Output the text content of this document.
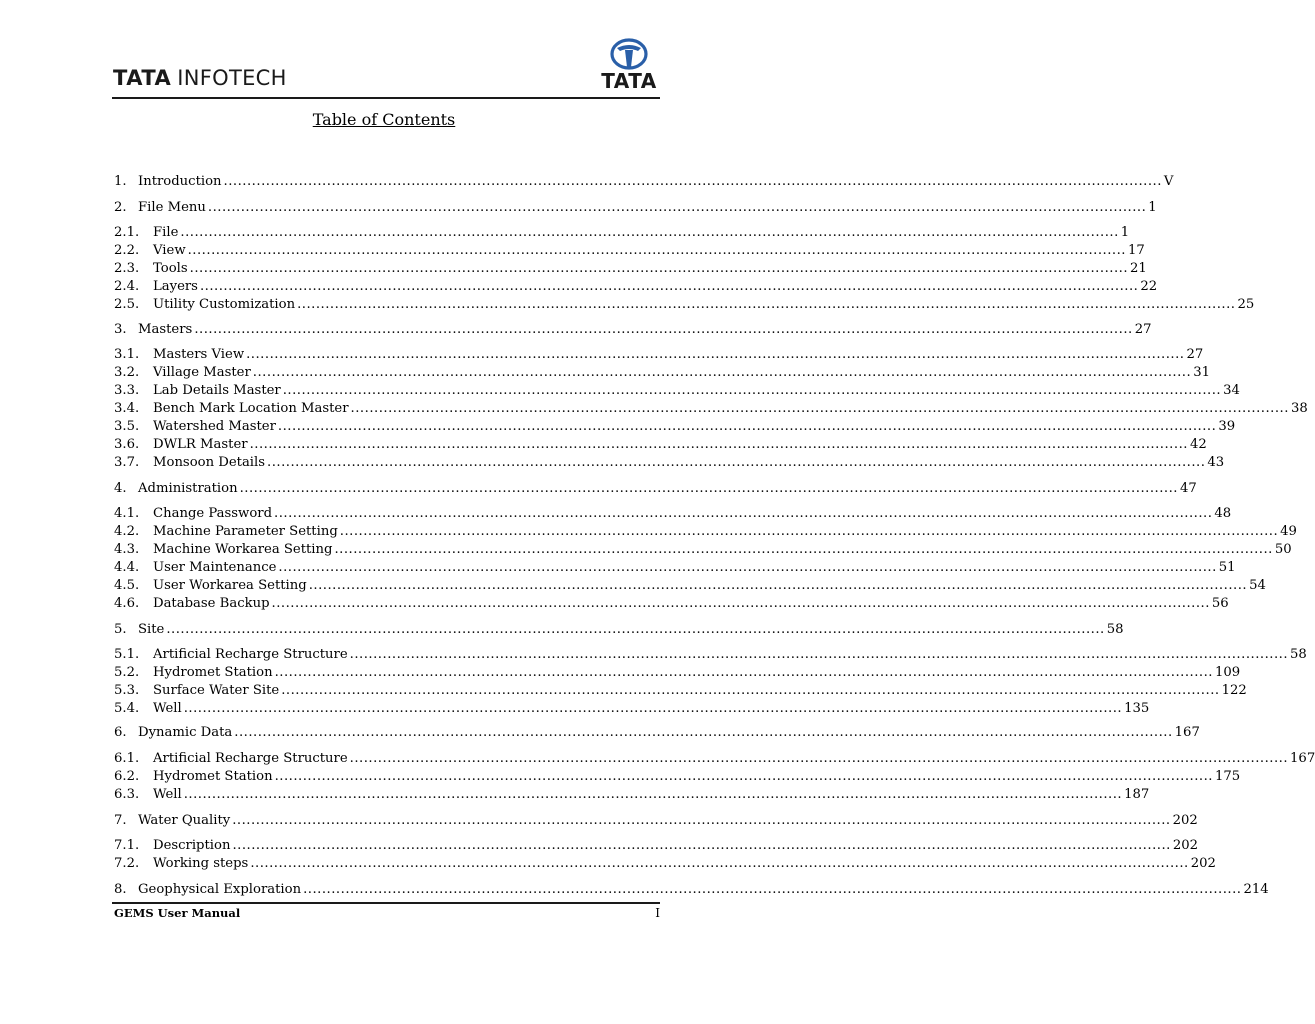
TATA INFOTECH	TATA
Table of Contents
1. Introduction ........................................................................................................................................................................................................ V
2. File Menu ........................................................................................................................................................................................................ 1
2.1.	File ........................................................................................................................................................................................................ 1
2.2.	View ........................................................................................................................................................................................................ 17
2.3.	Tools ........................................................................................................................................................................................................ 21
2.4.	Layers ........................................................................................................................................................................................................ 22
2.5.	Utility Customization ........................................................................................................................................................................................................ 25
3. Masters ........................................................................................................................................................................................................ 27
3.1.	Masters View ........................................................................................................................................................................................................ 27
3.2.	Village Master ........................................................................................................................................................................................................ 31
3.3.	Lab Details Master ........................................................................................................................................................................................................ 34
3.4.	Bench Mark Location Master ........................................................................................................................................................................................................ 38
3.5.	Watershed Master ........................................................................................................................................................................................................ 39
3.6.	DWLR Master ........................................................................................................................................................................................................ 42
3.7.	Monsoon Details ........................................................................................................................................................................................................ 43
4. Administration ........................................................................................................................................................................................................ 47
4.1.	Change Password ........................................................................................................................................................................................................ 48
4.2.	Machine Parameter Setting ........................................................................................................................................................................................................ 49
4.3.	Machine Workarea Setting ........................................................................................................................................................................................................ 50
4.4.	User Maintenance ........................................................................................................................................................................................................ 51
4.5.	User Workarea Setting ........................................................................................................................................................................................................ 54
4.6.	Database Backup ........................................................................................................................................................................................................ 56
5. Site ........................................................................................................................................................................................................ 58
5.1.	Artificial Recharge Structure ........................................................................................................................................................................................................ 58
5.2.	Hydromet Station ........................................................................................................................................................................................................ 109
5.3.	Surface Water Site ........................................................................................................................................................................................................ 122
5.4.	Well ........................................................................................................................................................................................................ 135
6. Dynamic Data ........................................................................................................................................................................................................ 167
6.1.	Artificial Recharge Structure ........................................................................................................................................................................................................ 167
6.2.	Hydromet Station ........................................................................................................................................................................................................ 175
6.3.	Well ........................................................................................................................................................................................................ 187
7. Water Quality ........................................................................................................................................................................................................ 202
7.1.	Description ........................................................................................................................................................................................................ 202
7.2.	Working steps ........................................................................................................................................................................................................ 202
8. Geophysical Exploration ........................................................................................................................................................................................................ 214
GEMS User Manual	I
